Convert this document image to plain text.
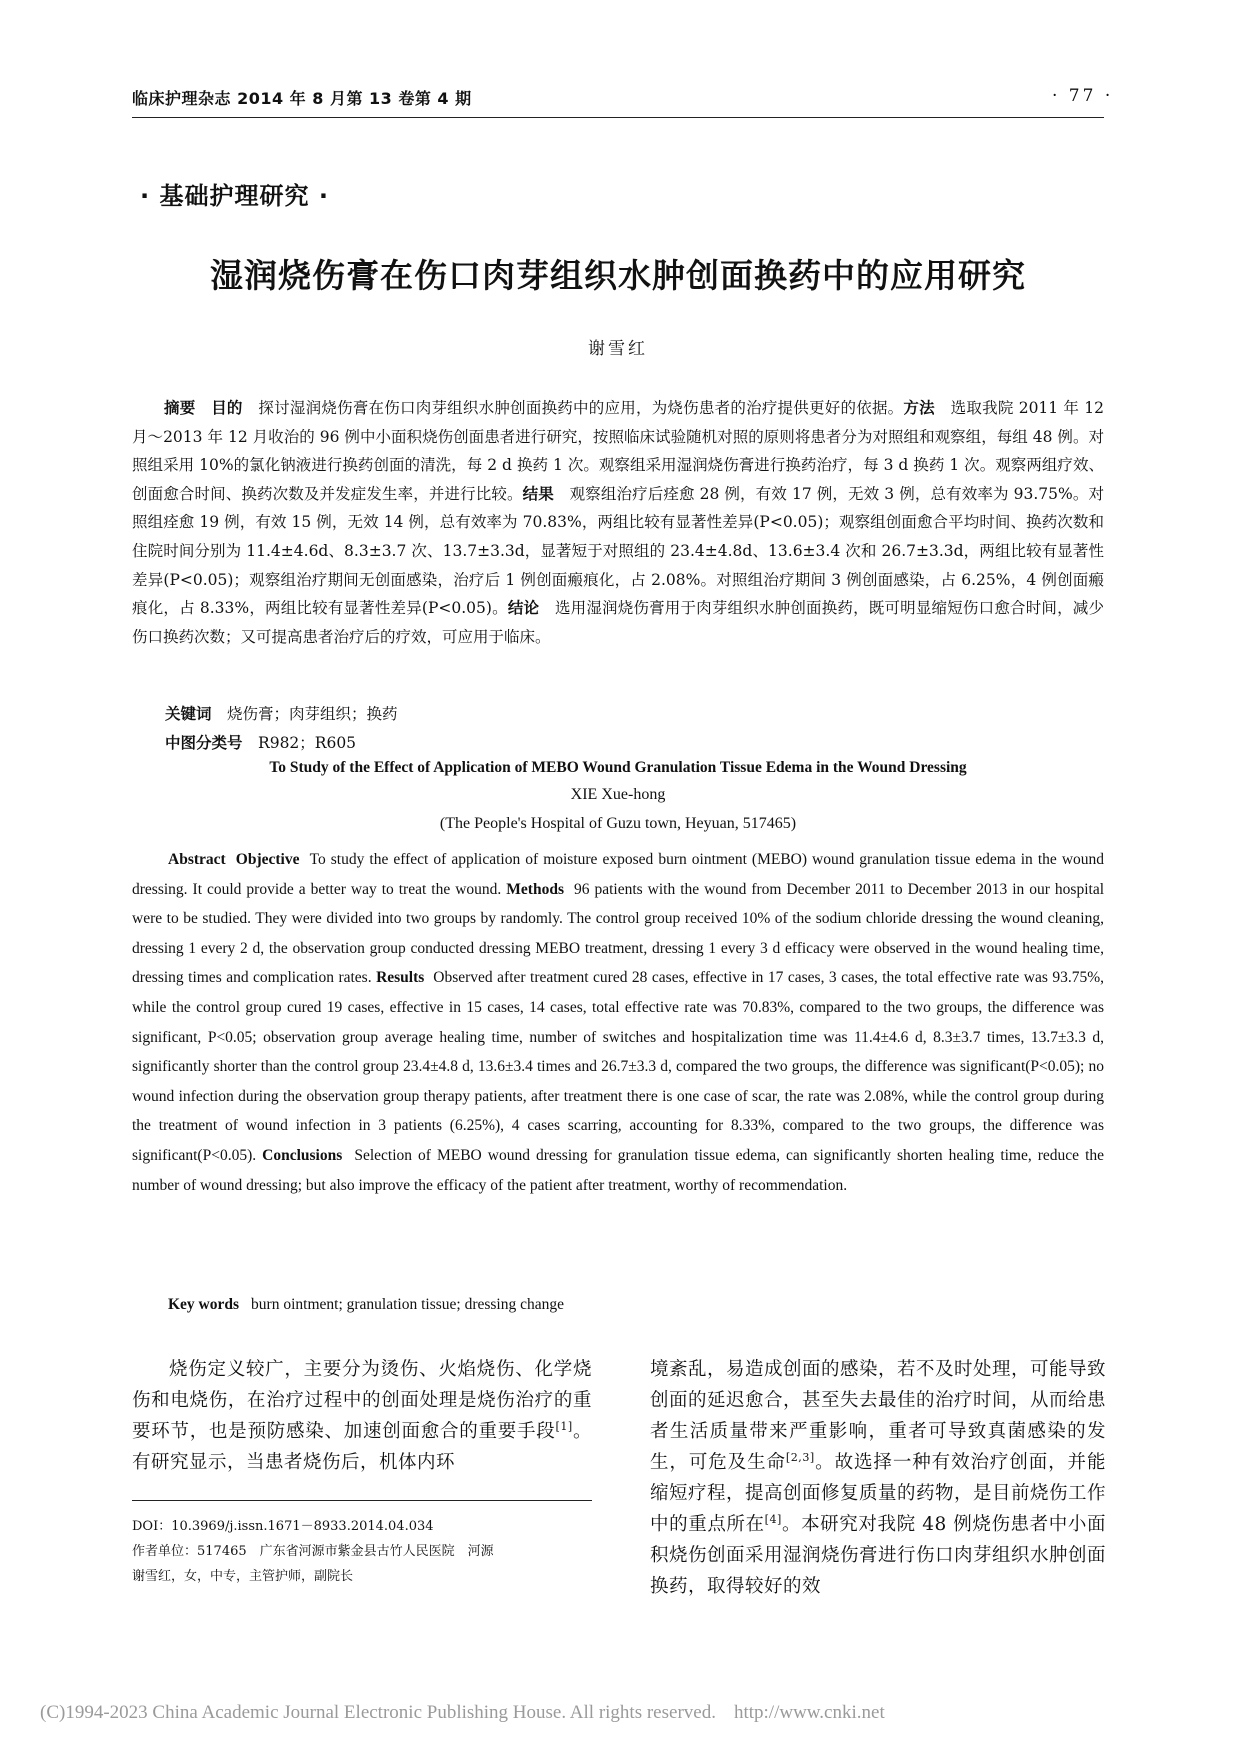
临床护理杂志 2014 年 8 月第 13 卷第 4 期	· 77 ·
· 基础护理研究 ·
湿润烧伤膏在伤口肉芽组织水肿创面换药中的应用研究
谢雪红

摘要　 目的　 探讨湿润烧伤膏在伤口肉芽组织水肿创面换药中的应用，为烧伤患者的治疗提供更好的依据。方法　 选取我院 2011 年 12 月～2013 年 12 月收治的 96 例中小面积烧伤创面患者进行研究，按照临床试验随机对照的原则将患者分为对照组和观察组，每组 48 例。对照组采用 10%的氯化钠液进行换药创面的清洗，每 2 d 换药 1 次。观察组采用湿润烧伤膏进行换药治疗，每 3 d 换药 1 次。观察两组疗效、创面愈合时间、换药次数及并发症发生率，并进行比较。结果　 观察组治疗后痊愈 28 例，有效 17 例，无效 3 例，总有效率为 93.75%。对照组痊愈 19 例，有效 15 例，无效 14 例，总有效率为 70.83%，两组比较有显著性差异(P<0.05)；观察组创面愈合平均时间、换药次数和住院时间分别为 11.4±4.6d、8.3±3.7 次、13.7±3.3d，显著短于对照组的 23.4±4.8d、13.6±3.4 次和 26.7±3.3d，两组比较有显著性差异(P<0.05)；观察组治疗期间无创面感染，治疗后 1 例创面瘢痕化，占 2.08%。对照组治疗期间 3 例创面感染，占 6.25%，4 例创面瘢痕化，占 8.33%，两组比较有显著性差异(P<0.05)。结论　 选用湿润烧伤膏用于肉芽组织水肿创面换药，既可明显缩短伤口愈合时间，减少伤口换药次数；又可提高患者治疗后的疗效，可应用于临床。

关键词　 烧伤膏；肉芽组织；换药
中图分类号　 R982；R605
To Study of the Effect of Application of MEBO Wound Granulation Tissue Edema in the Wound Dressing
XIE Xue-hong
(The People's Hospital of Guzu town, Heyuan, 517465)

Abstract Objective To study the effect of application of moisture exposed burn ointment (MEBO) wound granulation tissue edema in the wound dressing. It could provide a better way to treat the wound. Methods 96 patients with the wound from December 2011 to December 2013 in our hospital were to be studied. They were divided into two groups by randomly. The control group received 10% of the sodium chloride dressing the wound cleaning, dressing 1 every 2 d, the observation group conducted dressing MEBO treatment, dressing 1 every 3 d efficacy were observed in the wound healing time, dressing times and complication rates. Results Observed after treatment cured 28 cases, effective in 17 cases, 3 cases, the total effective rate was 93.75%, while the control group cured 19 cases, effective in 15 cases, 14 cases, total effective rate was 70.83%, compared to the two groups, the difference was significant, P<0.05; observation group average healing time, number of switches and hospitalization time was 11.4±4.6 d, 8.3±3.7 times, 13.7±3.3 d, significantly shorter than the control group 23.4±4.8 d, 13.6±3.4 times and 26.7±3.3 d, compared the two groups, the difference was significant(P<0.05); no wound infection during the observation group therapy patients, after treatment there is one case of scar, the rate was 2.08%, while the control group during the treatment of wound infection in 3 patients (6.25%), 4 cases scarring, accounting for 8.33%, compared to the two groups, the difference was significant(P<0.05). Conclusions Selection of MEBO wound dressing for granulation tissue edema, can significantly shorten healing time, reduce the number of wound dressing; but also improve the efficacy of the patient after treatment, worthy of recommendation.

Key words burn ointment; granulation tissue; dressing change

烧伤定义较广，主要分为烫伤、火焰烧伤、化学烧伤和电烧伤，在治疗过程中的创面处理是烧伤治疗的重要环节，也是预防感染、加速创面愈合的重要手段[1]。有研究显示，当患者烧伤后，机体内环

DOI：10.3969/j.issn.1671－8933.2014.04.034
作者单位：517465　广东省河源市紫金县古竹人民医院　河源
谢雪红，女，中专，主管护师，副院长

境紊乱，易造成创面的感染，若不及时处理，可能导致创面的延迟愈合，甚至失去最佳的治疗时间，从而给患者生活质量带来严重影响，重者可导致真菌感染的发生，可危及生命[2,3]。故选择一种有效治疗创面，并能缩短疗程，提高创面修复质量的药物，是目前烧伤工作中的重点所在[4]。本研究对我院 48 例烧伤患者中小面积烧伤创面采用湿润烧伤膏进行伤口肉芽组织水肿创面换药，取得较好的效

(C)1994-2023 China Academic Journal Electronic Publishing House. All rights reserved. http://www.cnki.net
